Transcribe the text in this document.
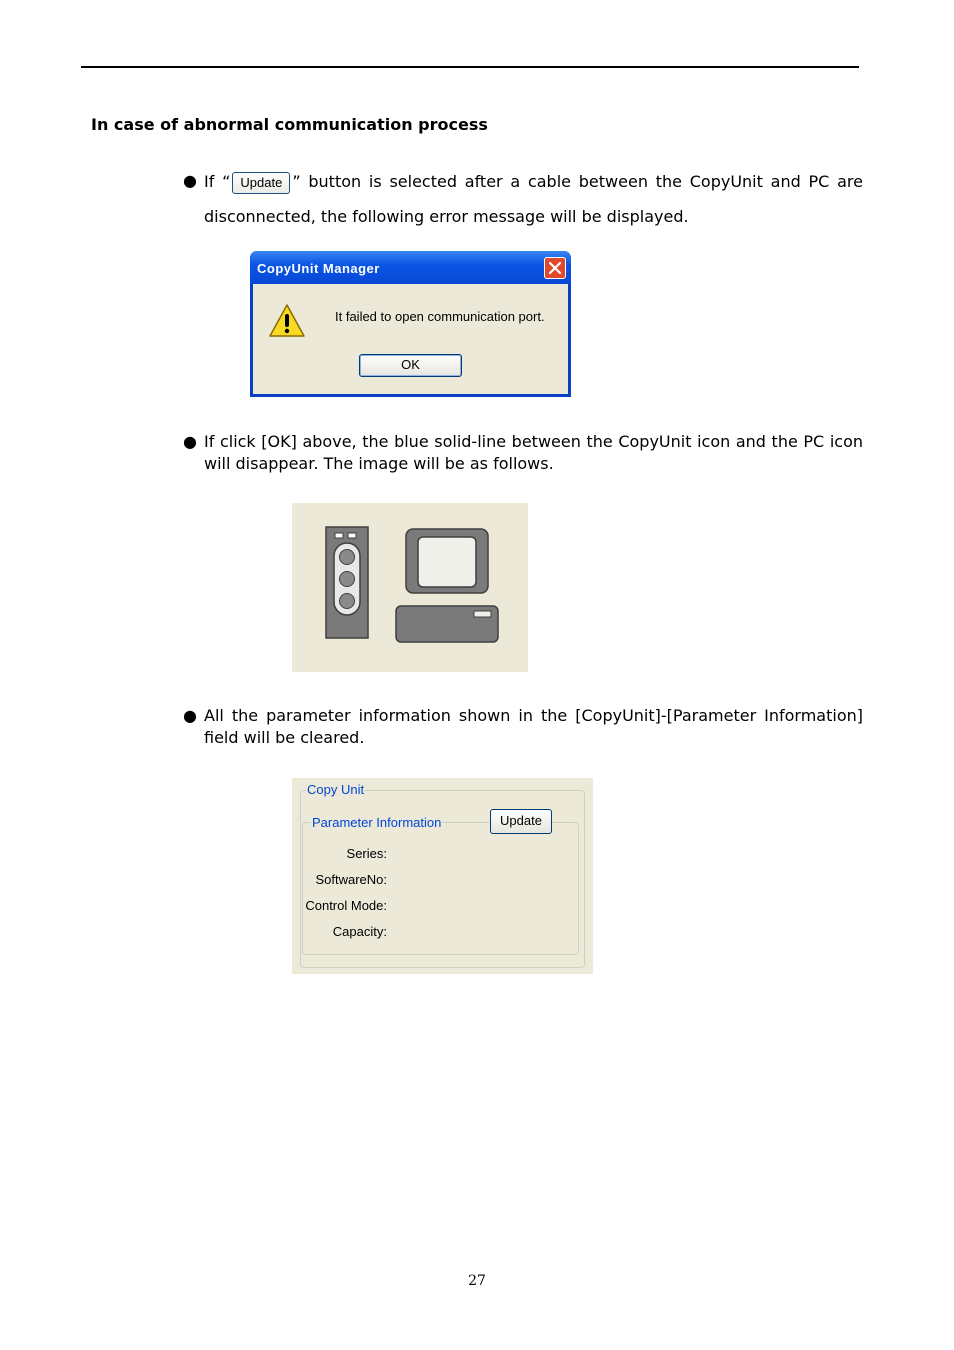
In case of abnormal communication process
● If “ Update ” button is selected after a cable between the CopyUnit and PC are
disconnected, the following error message will be displayed.
CopyUnit Manager
It failed to open communication port.
OK
● If click [OK] above, the blue solid-line between the CopyUnit icon and the PC icon will disappear. The image will be as follows.
● All the parameter information shown in the [CopyUnit]-[Parameter Information] field will be cleared.
Copy Unit
Parameter Information	Update
Series:
SoftwareNo:
Control Mode:
Capacity:
27
